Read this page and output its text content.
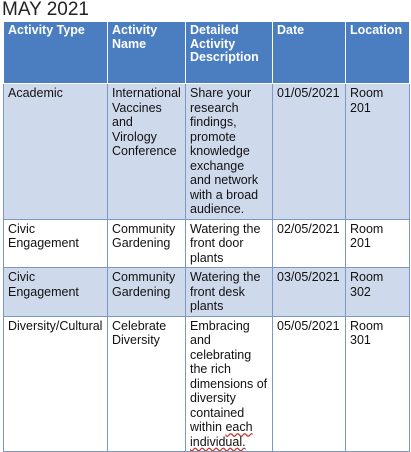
MAY 2021
Activity Type	Activity Name	Detailed Activity Description	Date	Location
Academic	International Vaccines and Virology Conference	Share your research findings, promote knowledge exchange and network with a broad audience.	01/05/2021	Room 201
Civic Engagement	Community Gardening	Watering the front door plants	02/05/2021	Room 201
Civic Engagement	Community Gardening	Watering the front desk plants	03/05/2021	Room 302
Diversity/Cultural	Celebrate Diversity	Embracing and celebrating the rich dimensions of diversity contained within each individual.	05/05/2021	Room 301
